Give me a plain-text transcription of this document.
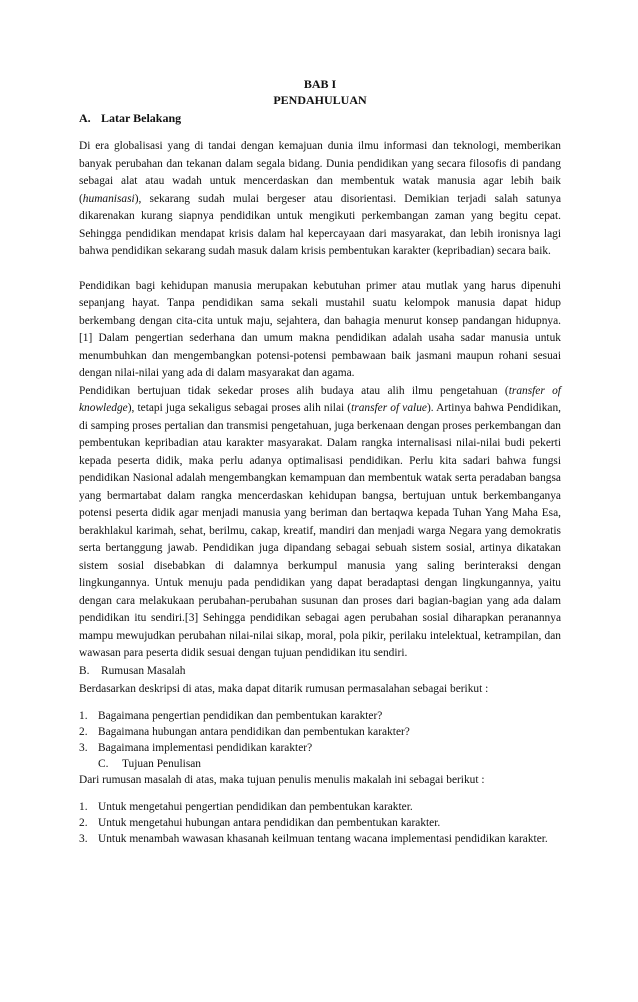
BAB I
PENDAHULUAN
A. Latar Belakang

Di era globalisasi yang di tandai dengan kemajuan dunia ilmu informasi dan teknologi, memberikan banyak perubahan dan tekanan dalam segala bidang. Dunia pendidikan yang secara filosofis di pandang sebagai alat atau wadah untuk mencerdaskan dan membentuk watak manusia agar lebih baik (humanisasi), sekarang sudah mulai bergeser atau disorientasi. Demikian terjadi salah satunya dikarenakan kurang siapnya pendidikan untuk mengikuti perkembangan zaman yang begitu cepat. Sehingga pendidikan mendapat krisis dalam hal kepercayaan dari masyarakat, dan lebih ironisnya lagi bahwa pendidikan sekarang sudah masuk dalam krisis pembentukan karakter (kepribadian) secara baik.

Pendidikan bagi kehidupan manusia merupakan kebutuhan primer atau mutlak yang harus dipenuhi sepanjang hayat. Tanpa pendidikan sama sekali mustahil suatu kelompok manusia dapat hidup berkembang dengan cita-cita untuk maju, sejahtera, dan bahagia menurut konsep pandangan hidupnya.[1] Dalam pengertian sederhana dan umum makna pendidikan adalah usaha sadar manusia untuk menumbuhkan dan mengembangkan potensi-potensi pembawaan baik jasmani maupun rohani sesuai dengan nilai-nilai yang ada di dalam masyarakat dan agama.

Pendidikan bertujuan tidak sekedar proses alih budaya atau alih ilmu pengetahuan (transfer of knowledge), tetapi juga sekaligus sebagai proses alih nilai (transfer of value). Artinya bahwa Pendidikan, di samping proses pertalian dan transmisi pengetahuan, juga berkenaan dengan proses perkembangan dan pembentukan kepribadian atau karakter masyarakat. Dalam rangka internalisasi nilai-nilai budi pekerti kepada peserta didik, maka perlu adanya optimalisasi pendidikan. Perlu kita sadari bahwa fungsi pendidikan Nasional adalah mengembangkan kemampuan dan membentuk watak serta peradaban bangsa yang bermartabat dalam rangka mencerdaskan kehidupan bangsa, bertujuan untuk berkembanganya potensi peserta didik agar menjadi manusia yang beriman dan bertaqwa kepada Tuhan Yang Maha Esa, berakhlakul karimah, sehat, berilmu, cakap, kreatif, mandiri dan menjadi warga Negara yang demokratis serta bertanggung jawab. Pendidikan juga dipandang sebagai sebuah sistem sosial, artinya dikatakan sistem sosial disebabkan di dalamnya berkumpul manusia yang saling berinteraksi dengan lingkungannya. Untuk menuju pada pendidikan yang dapat beradaptasi dengan lingkungannya, yaitu dengan cara melakukaan perubahan-perubahan susunan dan proses dari bagian-bagian yang ada dalam pendidikan itu sendiri.[3] Sehingga pendidikan sebagai agen perubahan sosial diharapkan peranannya mampu mewujudkan perubahan nilai-nilai sikap, moral, pola pikir, perilaku intelektual, ketrampilan, dan wawasan para peserta didik sesuai dengan tujuan pendidikan itu sendiri.

B. Rumusan Masalah
Berdasarkan deskripsi di atas, maka dapat ditarik rumusan permasalahan sebagai berikut :
1. Bagaimana pengertian pendidikan dan pembentukan karakter?
2. Bagaimana hubungan antara pendidikan dan pembentukan karakter?
3. Bagaimana implementasi pendidikan karakter?
C. Tujuan Penulisan
Dari rumusan masalah di atas, maka tujuan penulis menulis makalah ini sebagai berikut :
1. Untuk mengetahui pengertian pendidikan dan pembentukan karakter.
2. Untuk mengetahui hubungan antara pendidikan dan pembentukan karakter.
3. Untuk menambah wawasan khasanah keilmuan tentang wacana implementasi pendidikan karakter.
